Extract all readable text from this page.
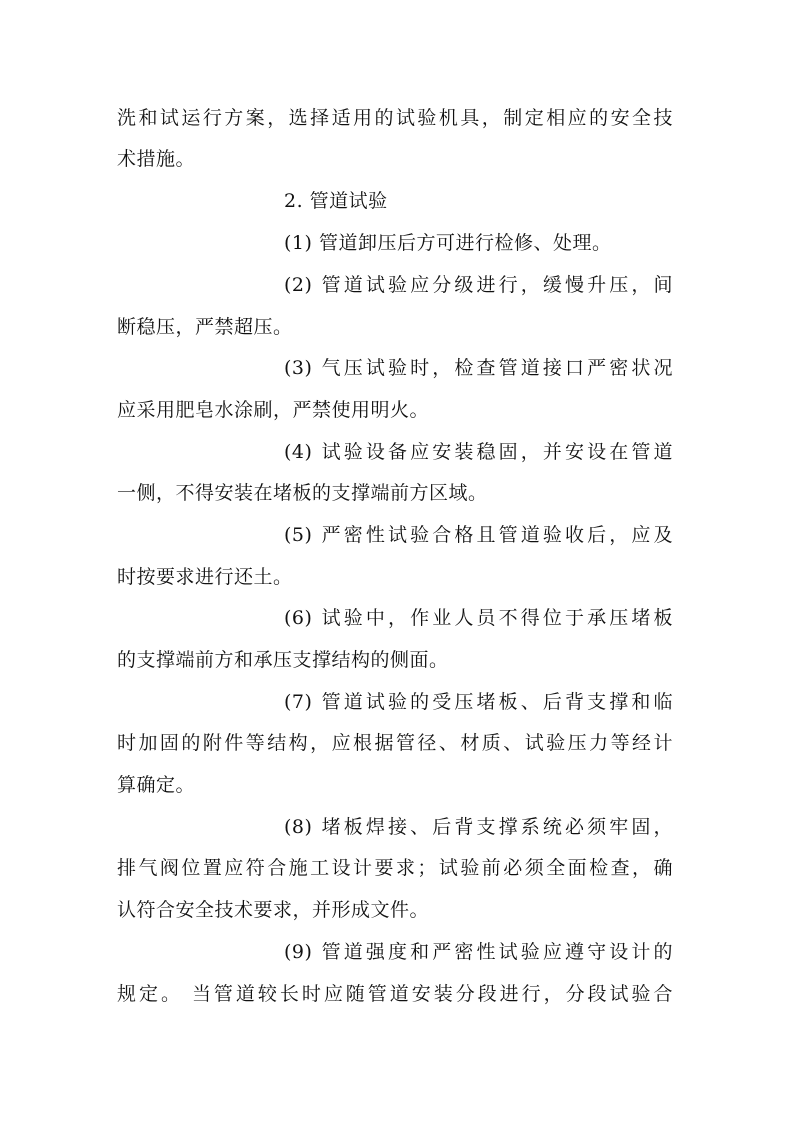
洗和试运行方案，选择适用的试验机具，制定相应的安全技
术措施。
2. 管道试验
(1) 管道卸压后方可进行检修、处理。
(2) 管道试验应分级进行，缓慢升压，间
断稳压，严禁超压。
(3) 气压试验时，检查管道接口严密状况
应采用肥皂水涂刷，严禁使用明火。
(4) 试验设备应安装稳固，并安设在管道
一侧，不得安装在堵板的支撑端前方区域。
(5) 严密性试验合格且管道验收后，应及
时按要求进行还土。
(6) 试验中，作业人员不得位于承压堵板
的支撑端前方和承压支撑结构的侧面。
(7) 管道试验的受压堵板、后背支撑和临
时加固的附件等结构，应根据管径、材质、试验压力等经计
算确定。
(8) 堵板焊接、后背支撑系统必须牢固，
排气阀位置应符合施工设计要求；试验前必须全面检查，确
认符合安全技术要求，并形成文件。
(9) 管道强度和严密性试验应遵守设计的
规定。 当管道较长时应随管道安装分段进行，分段试验合
